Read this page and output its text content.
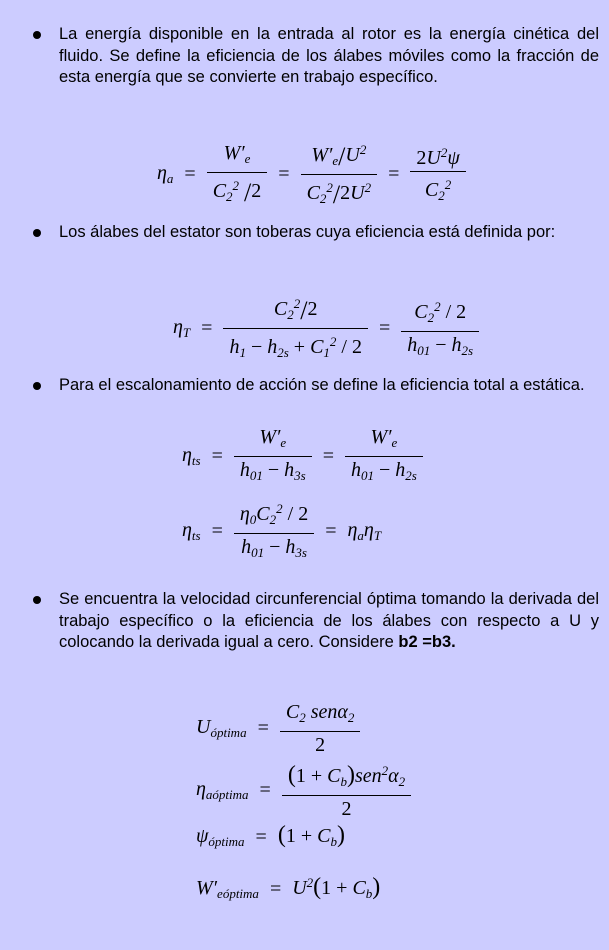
La energía disponible en la entrada al rotor es la energía cinética del fluido. Se define la eficiencia de los álabes móviles como la fracción de esta energía que se convierte en trabajo específico.
$\eta_a = \frac{W'_e}{C_2^2 /2} = \frac{W'_e/U^2}{C_2^2/2U^2} = \frac{2U^2\psi}{C_2^2}$
Los álabes del estator son toberas cuya eficiencia está definida por:
$\eta_T = \frac{C_2^2/2}{h_1 - h_{2s} + C_1^2 / 2} = \frac{C_2^2 / 2}{h_{01} - h_{2s}}$
Para el escalonamiento de acción se define la eficiencia total a estática.
$\eta_{ts} = \frac{W'_e}{h_{01} - h_{3s}} = \frac{W'_e}{h_{01} - h_{2s}}$
$\eta_{ts} = \frac{\eta_0C_2^2 / 2}{h_{01} - h_{3s}} = \eta_a\eta_T$
Se encuentra la velocidad circunferencial óptima tomando la derivada del trabajo específico o la eficiencia de los álabes con respecto a U y colocando la derivada igual a cero. Considere b2 =b3.
$U_{óptima} = \frac{C_2 sen\alpha_2}{2}$
$\eta_{aóptima} = \frac{(1 + C_b)sen^2\alpha_2}{2}$
$\psi_{óptima} = (1 + C_b)$
$W'_{eóptima} = U^2(1 + C_b)$
